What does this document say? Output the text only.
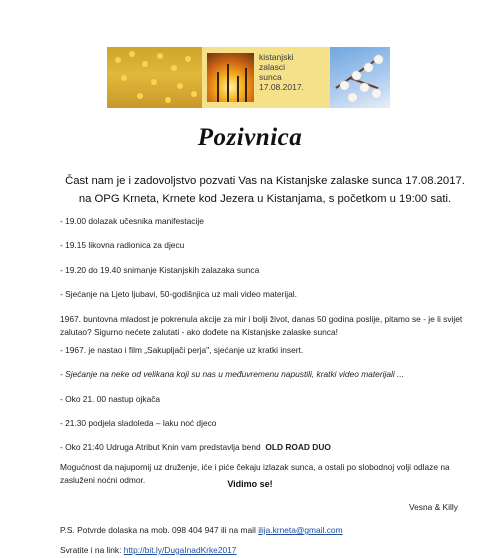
kistanjski
zalasci
sunca
17.08.2017.
Pozivnica
Čast nam je i zadovoljstvo pozvati Vas na Kistanjske zalaske sunca 17.08.2017. na OPG Krneta, Krnete kod Jezera u Kistanjama, s početkom u 19:00 sati.
- 19.00 dolazak učesnika manifestacije
- 19.15 likovna radionica za djecu
- 19.20 do 19.40 snimanje Kistanjskih zalazaka sunca
- Sjećanje na Ljeto ljubavi, 50-godišnjica uz mali video materijal.
1967. buntovna mladost je pokrenula akcije za mir i bolji život, danas 50 godina poslije, pitamo se - je li svijet zalutao? Sigurno nećete zalutati - ako dođete na Kistanjske zalaske sunca!
- 1967. je nastao i film „Sakupljači perja", sjećanje uz kratki insert.
- Sjećanje na neke od velikana koji su nas u međuvremenu napustili, kratki video materijali ...
- Oko 21. 00 nastup ojkača
- 21.30 podjela sladoleda – laku noć djeco
- Oko 21:40 Udruga Atribut Knin vam predstavlja bend OLD ROAD DUO
Mogućnost da najupornij uz druženje, iće i piće čekaju izlazak sunca, a ostali po slobodnoj volji odlaze na zasluženi noćni odmor.	Vidimo se!
Vesna & Killy
P.S. Potvrde dolaska na mob. 098 404 947 ili na mail ilija.krneta@gmail.com
Svratite i na link: http://bit.ly/DugaInadKrke2017
